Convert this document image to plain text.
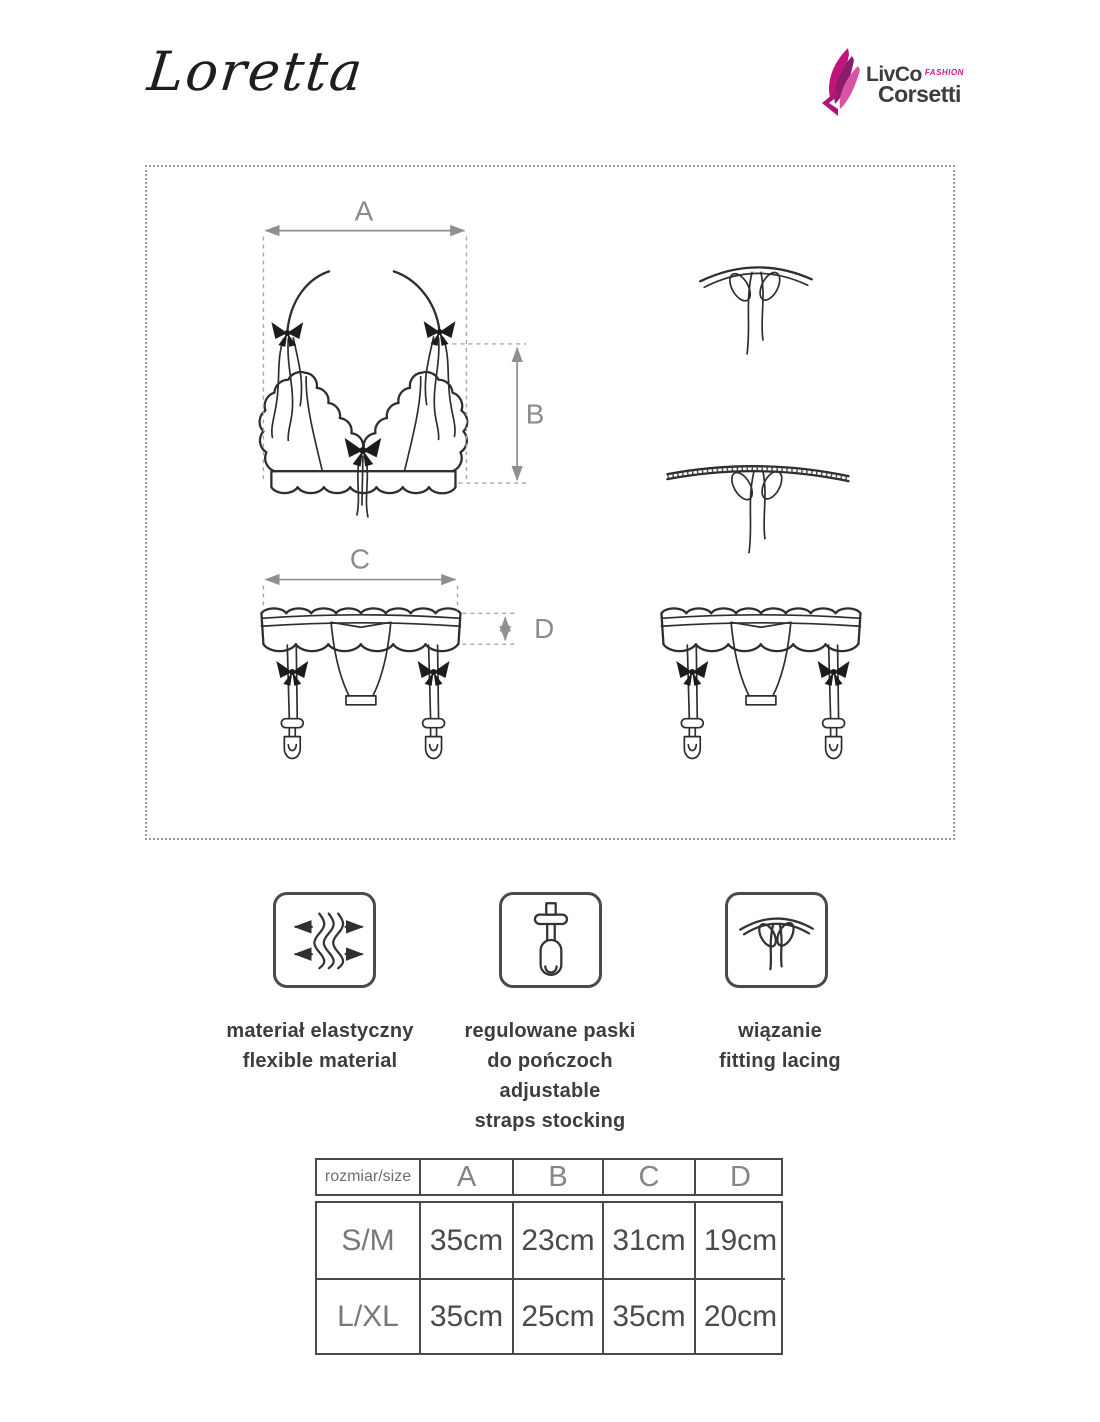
Loretta	LivCo $^{FASHION}$
Corsetti
A
B
C
D
materiał elastyczny
flexible material
regulowane paski
do pończoch
adjustable
straps stocking
wiązanie
fitting lacing
rozmiar/size	A	B	C	D
S/M	35cm 23cm 31cm 19cm
L/XL	35cm 25cm 35cm 20cm
